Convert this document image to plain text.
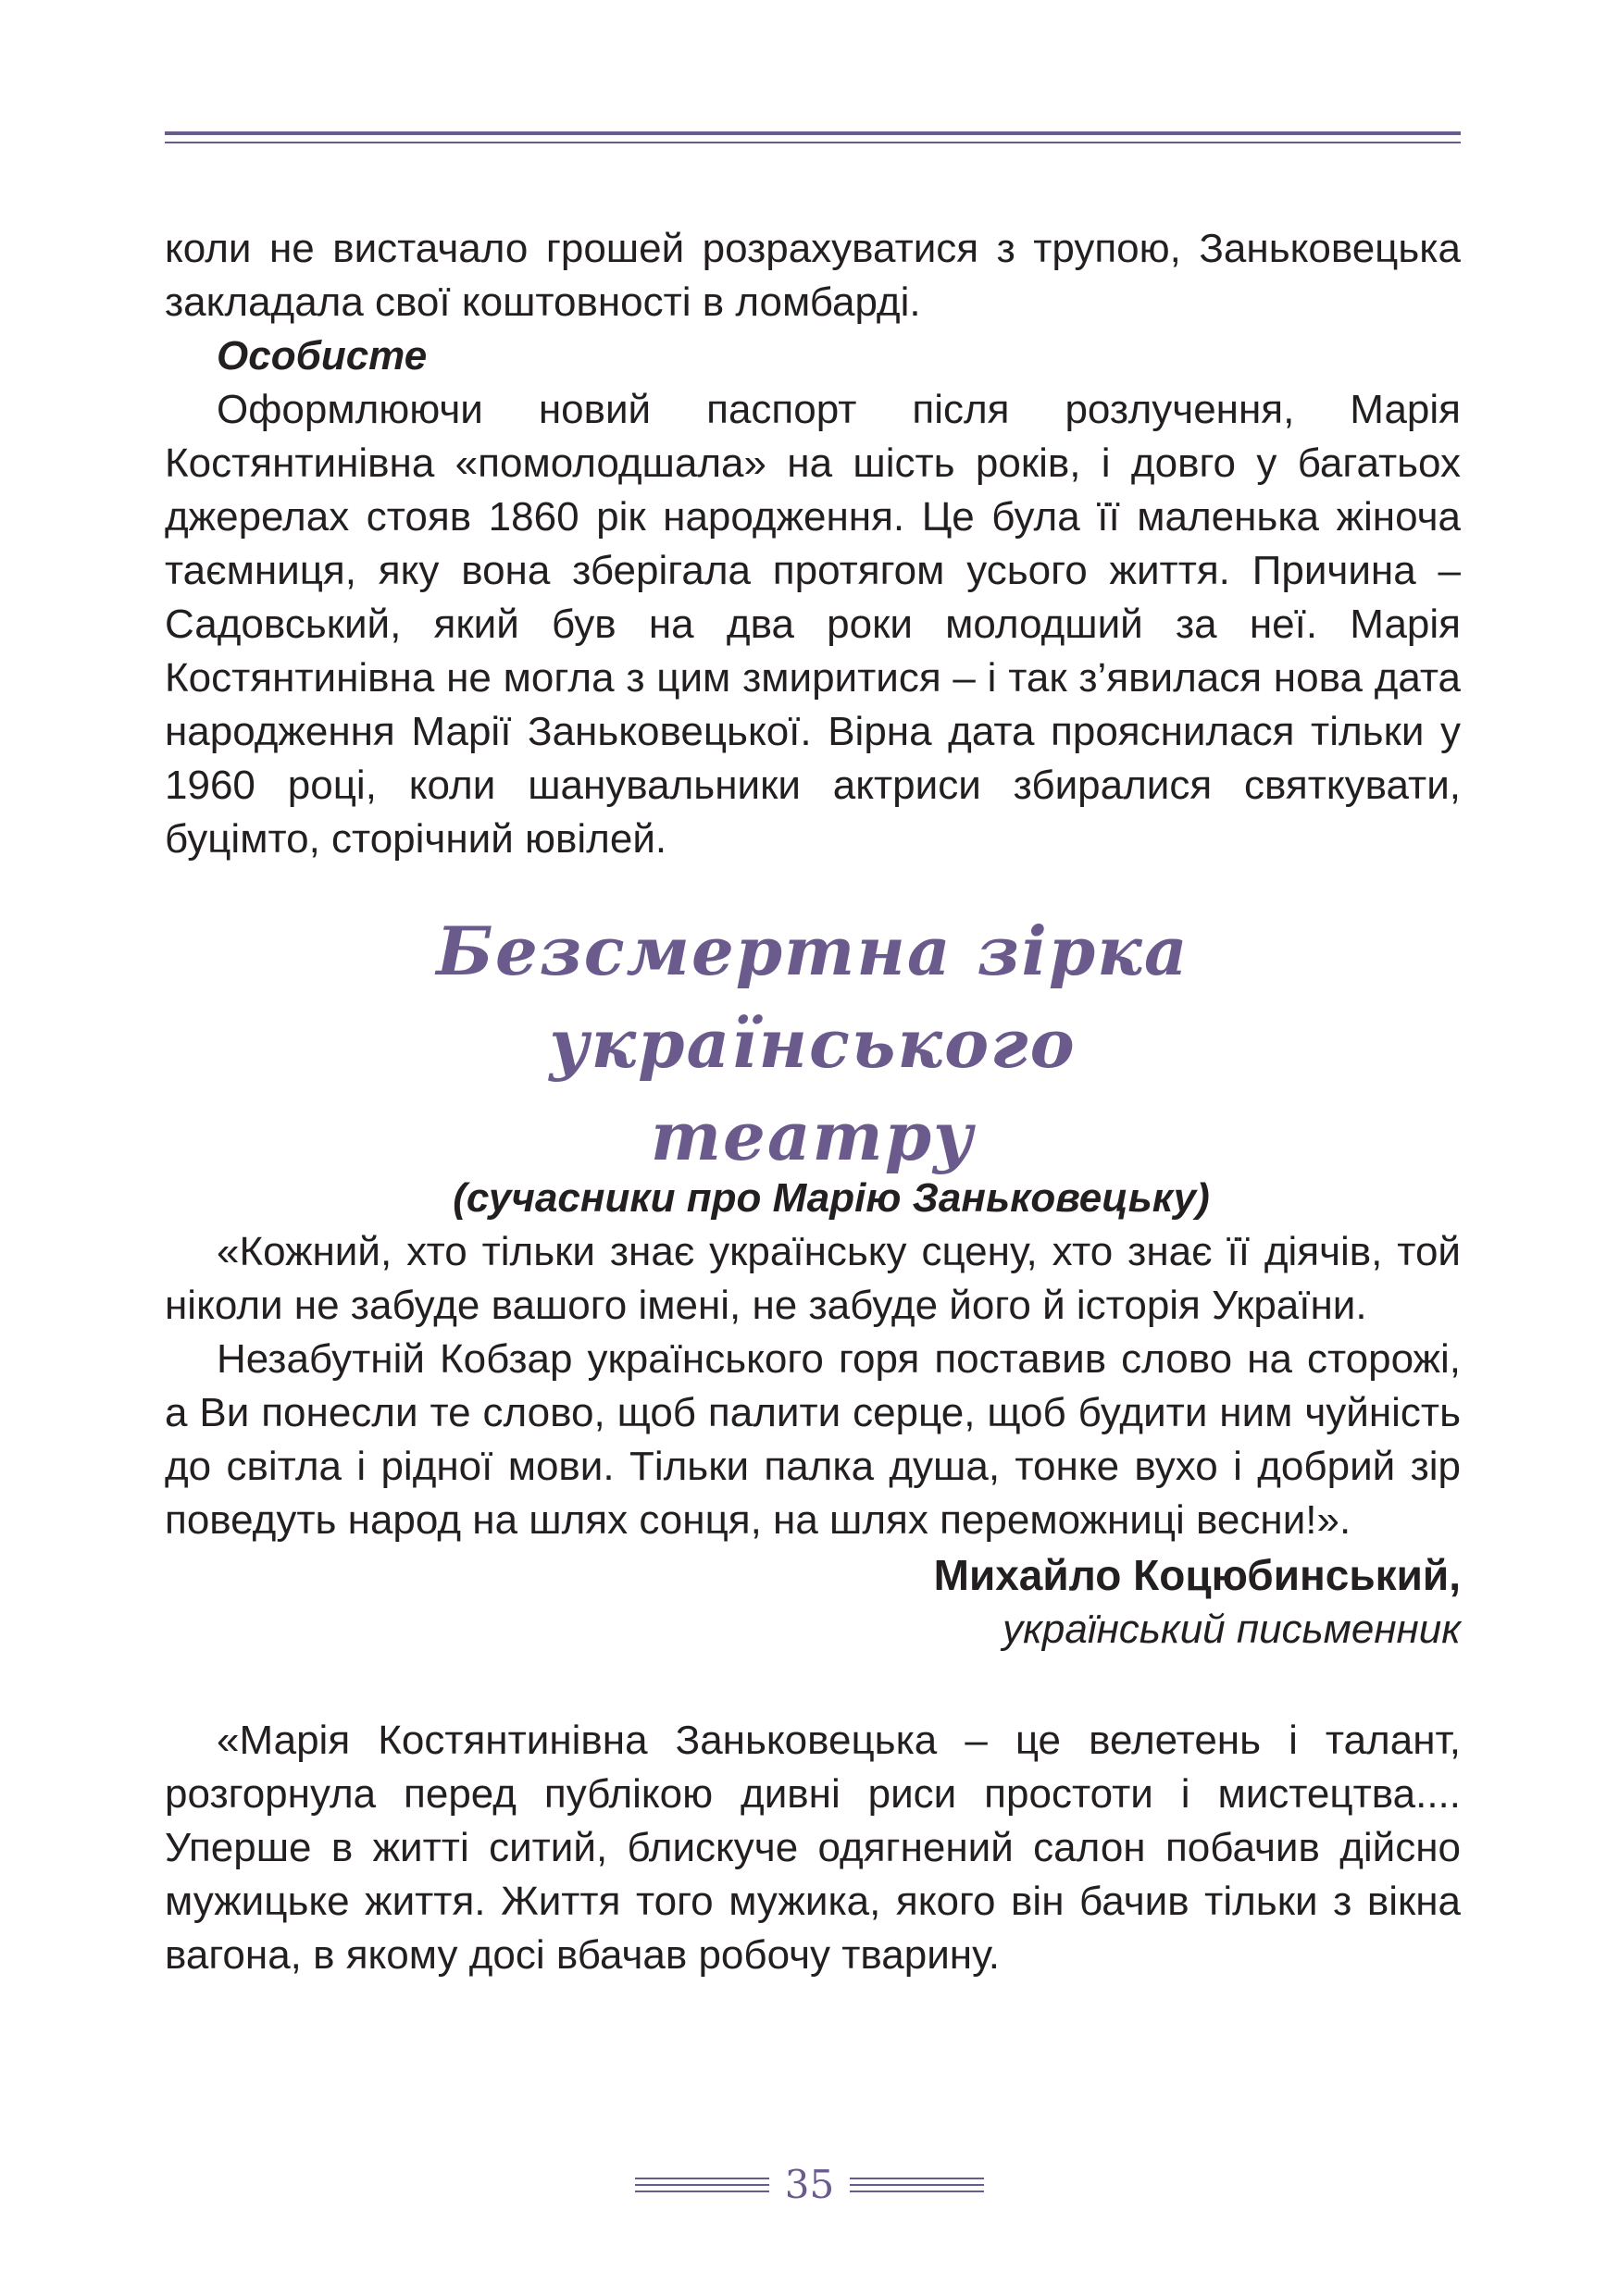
коли не вистачало грошей розрахуватися з трупою, Заньковецька закладала свої коштовності в ломбарді.

Особисте

Оформлюючи новий паспорт після розлучення, Марія Костянтинівна «помолодшала» на шість років, і довго у багатьох джерелах стояв 1860 рік народження. Це була її маленька жіноча таємниця, яку вона зберігала протягом усього життя. Причина – Садовський, який був на два роки молодший за неї. Марія Костянтинівна не могла з цим змиритися – і так з’явилася нова дата народження Марії Заньковецької. Вірна дата прояснилася тільки у 1960 році, коли шанувальники актриси збиралися святкувати, буцімто, сторічний ювілей.

Безсмертна зірка українського
театру

(сучасники про Марію Заньковецьку)

«Кожний, хто тільки знає українську сцену, хто знає її діячів, той ніколи не забуде вашого імені, не забуде його й історія України.

Незабутній Кобзар українського горя поставив слово на сторожі, а Ви понесли те слово, щоб палити серце, щоб будити ним чуйність до світла і рідної мови. Тільки палка душа, тонке вухо і добрий зір поведуть народ на шлях сонця, на шлях переможниці весни!».

Михайло Коцюбинський,

український письменник

«Марія Костянтинівна Заньковецька – це велетень і талант, розгорнула перед публікою дивні риси простоти і мистецтва.... Уперше в житті ситий, блискуче одягнений салон побачив дійсно мужицьке життя. Життя того мужика, якого він бачив тільки з вікна вагона, в якому досі вбачав робочу тварину.

35
